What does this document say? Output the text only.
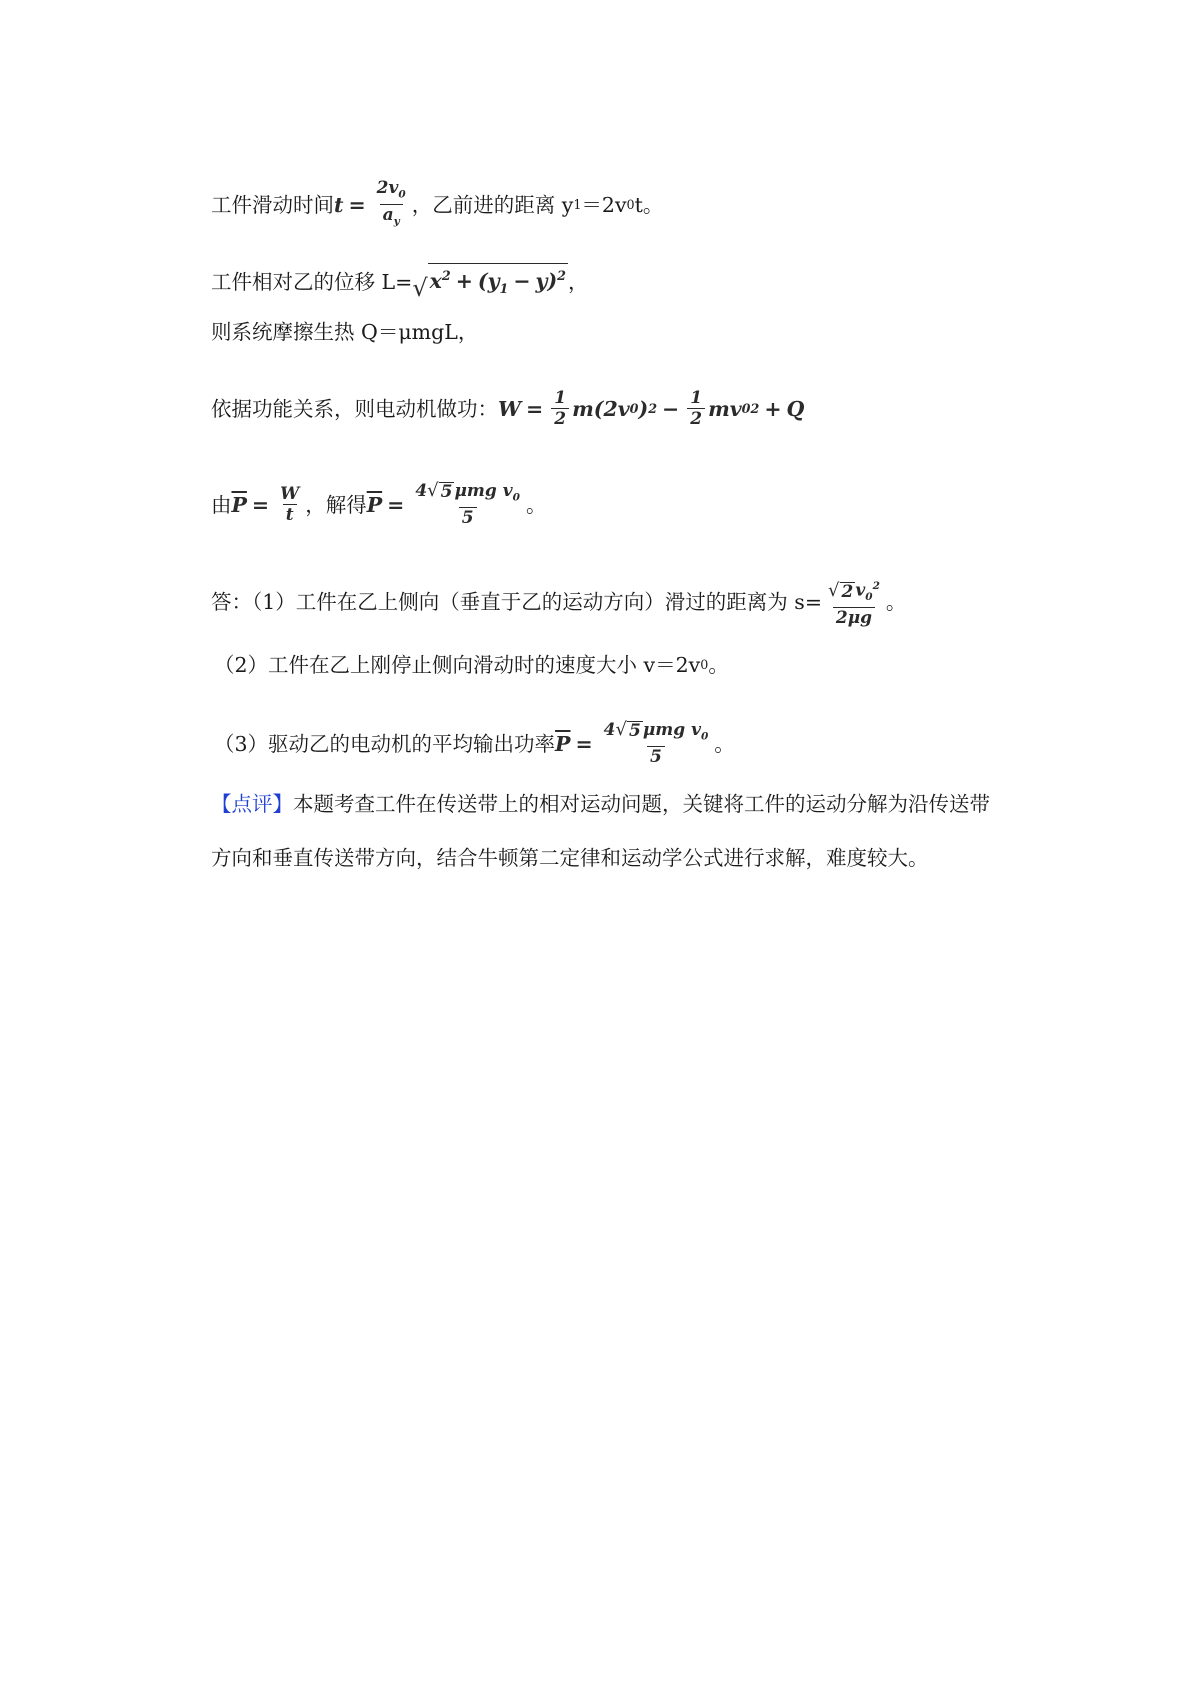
工件滑动时间 $t = \frac{2v_0}{a_y}$ ，乙前进的距离 y 1 ＝2v 0 t。
工件相对乙的位移 L= √ $x^2 + (y_1 - y)^2$ ，
则系统摩擦生热 Q＝μmgL，
依据功能关系，则电动机做功： $W = \frac{1}{2} m(2v$ 0 ) $2 - \frac{1}{2}$ mv 0 2 + Q
由 $\overline{P} = \frac{W}{t}$ ，解得 $\overline{P} = \frac{4 √ 5 \mu mg v_0}{5}$ 。
答：（1）工件在乙上侧向（垂直于乙的运动方向）滑过的距离为 $s= \frac{√ 2 v_0^2}{2\mu g}$ 。
（2）工件在乙上刚停止侧向滑动时的速度大小 v＝2v 0 。
（3）驱动乙的电动机的平均输出功率 $\overline{P} = \frac{4 √ 5 \mu mg v_0}{5}$ 。
【点评】 本题考查工件在传送带上的相对运动问题，关键将工件的运动分解为沿传送带
方向和垂直传送带方向，结合牛顿第二定律和运动学公式进行求解，难度较大。
